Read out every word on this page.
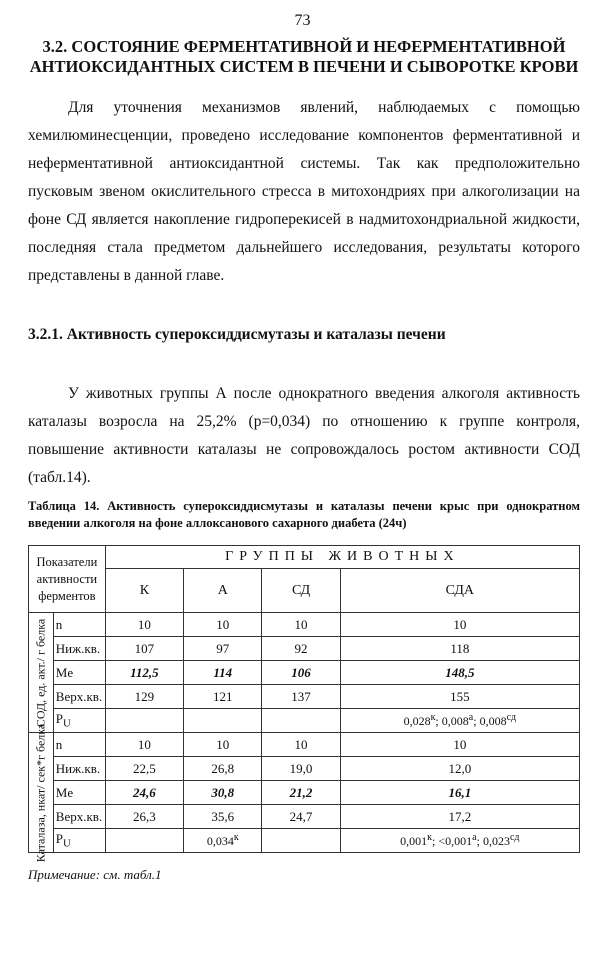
73
3.2. СОСТОЯНИЕ ФЕРМЕНТАТИВНОЙ И НЕФЕРМЕНТАТИВНОЙ АНТИОКСИДАНТНЫХ СИСТЕМ В ПЕЧЕНИ И СЫВОРОТКЕ КРОВИ
Для уточнения механизмов явлений, наблюдаемых с помощью хемилюминесценции, проведено исследование компонентов ферментативной и неферментативной антиоксидантной системы. Так как предположительно пусковым звеном окислительного стресса в митохондриях при алкоголизации на фоне СД является накопление гидроперекисей в надмитохондриальной жидкости, последняя стала предметом дальнейшего исследования, результаты которого представлены в данной главе.
3.2.1. Активность супероксиддисмутазы и каталазы печени
У животных группы А после однократного введения алкоголя активность каталазы возросла на 25,2% (p=0,034) по отношению к группе контроля, повышение активности каталазы не сопровождалось ростом активности СОД (табл.14).
Таблица 14. Активность супероксиддисмутазы и каталазы печени крыс при однократном введении алкоголя на фоне аллоксанового сахарного диабета (24ч)
Показатели активности ферментов		ГРУППЫ ЖИВОТНЫХ			
		К	А	СД	СДА

СОД, ед. акт./ г белка	n	10	10	10	10
	Ниж.кв.	107	97	92	118
	Me	112,5	114	106	148,5
	Верх.кв.	129	121	137	155
	$P_U$				$0,028^к$; $0,008^а$; $0,008^{сд}$

Каталаза, нкат/ сек*г белка	n	10	10	10	10
	Ниж.кв.	22,5	26,8	19,0	12,0
	Me	24,6	30,8	21,2	16,1
	Верх.кв.	26,3	35,6	24,7	17,2
	$P_U$		$0,034^к$		$0,001^к$; $<0,001^а$; $0,023^{сд}$
Примечание: см. табл.1
